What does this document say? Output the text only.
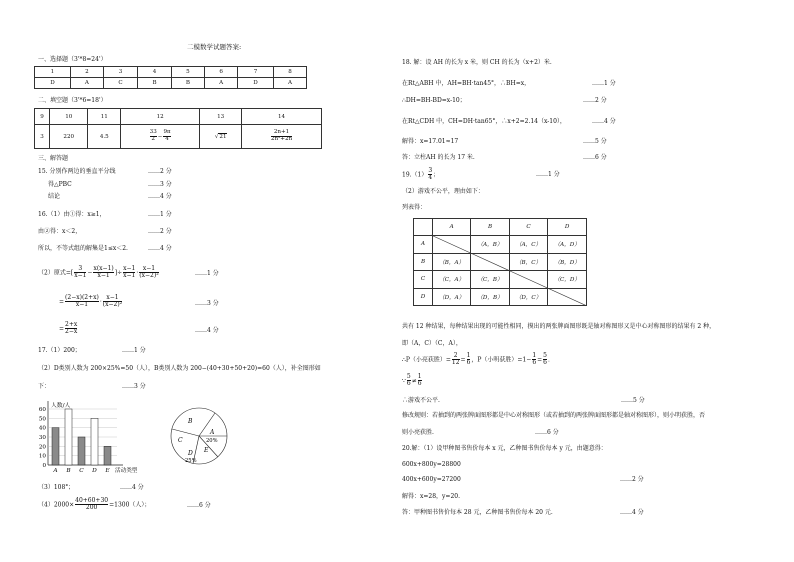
二模数学试题答案:
一、选择题（3'*8=24'）
1	2	3	4	5	6	7	8
D	A	C	B	B	A	D	A
二、填空题（3'*6=18'）
9	10	11	12	13	14
3	220	4.5	$\frac{33}{2} - \frac{9\pi}{4}$	√21	$\frac{2n+1}{\text{2n²+2n}}$
三、解答题
15. 分别作两边的垂直平分线	……2 分
得△PBC	……3 分
结论	……4 分
16.（1）由①得：x≥1，	……1 分
由②得：x＜2，	……2 分
所以，不等式组的解集是1≤x＜2.	……4 分
（2）原式=[ $\frac{3}{x-1} - \frac{x(x-1)}{x-1}$ ]÷ $\frac{x-1}{x-1} \cdot \frac{x-1}{\text{(x−2)²}}$	……1 分
= $\frac{(2-x)(2+x)}{x-1} \cdot \frac{x-1}{\text{(x−2)²}}$	……3 分
= $\frac{2+x}{2-x}$	……4 分
17.（1）200；	……1 分
（2）D类别人数为 200×25%=50（人），B类别人数为 200−(40+30+50+20)=60（人），补全图形如
下：	……3 分
0
10
20
30
40
50
60
A B C D E
人数/人
活动类型
B
C
D
25%
A
20%
E
（3）108°；	……4 分
$(4)2000\times \frac{40+60+30}{200} =1300$（人）；	……6 分
18. 解：设 AH 的长为 x 米，则 CH 的长为（x+2）米.
在Rt△ABH 中，AH=BH·tan45°，∴BH=x，	……1 分
∴DH=BH-BD=x-10；	……2 分
在Rt△CDH 中，CH=DH·tan65°，∴x+2=2.14（x-10），	……4 分
解得：x=17.01≈17	……5 分
答：立柱AH 的长为 17 米.	……6 分
$19.(1) \frac{3}{4}$ ；	……1 分
（2）游戏不公平，理由如下：
列表得：
	A	B	C	D
A		（A，B）	（A，C）	（A，D）
B	（B，A）		（B，C）	（B，D）
C	（C，A）	（C，B）		（C，D）
D	（D，A）	（D，B）	（D，C）	
共有 12 种结果，每种结果出现的可能性相同，摸出的两张牌面图形既是轴对称图形又是中心对称图形的结果有 2 种，
即（A，C）（C，A），
∴P（小亮获胜）= $\frac{2}{12} = \frac{1}{6}$ ，P（小明获胜）$=1- \frac{1}{6} = \frac{5}{6}$ ．
∵ $\frac{5}{6} \ne \frac{1}{6}$
∴游戏不公平.	……5 分
修改规则：若抽到的两张牌面图形都是中心对称图形（或若抽到的两张牌面图形都是轴对称图形），则小明获胜，否
则小亮获胜.	……6 分
20.解：（1）设甲种图书售价每本 x 元，乙种图书售价每本 y 元，由题意得：
600x+800y=28800
400x+600y=27200	……2 分
解得：x=28，y=20.
答：甲种图书售价每本 28 元，乙种图书售价每本 20 元.	……4 分
